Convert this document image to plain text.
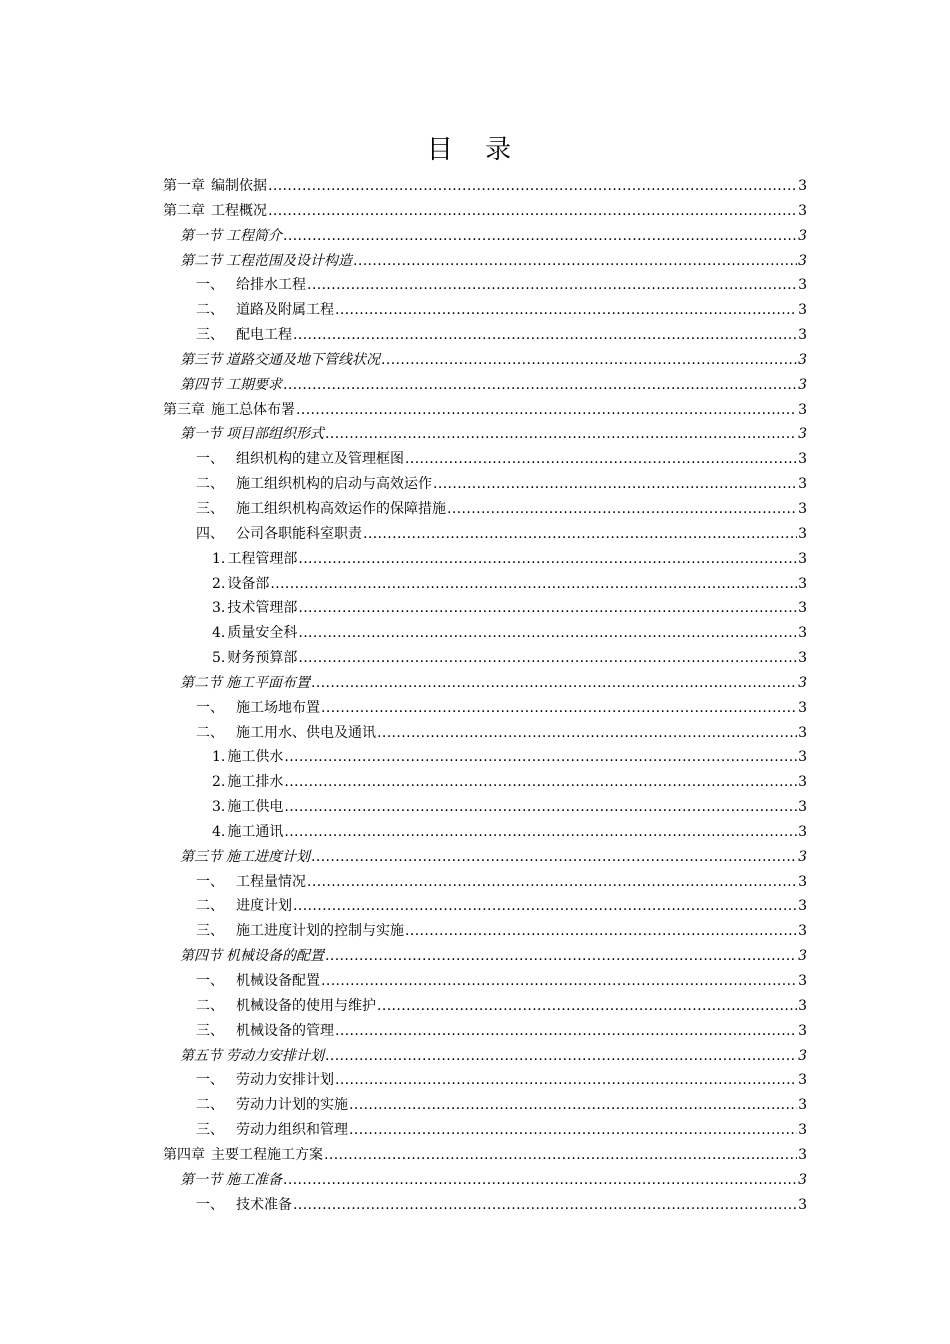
目 录
第一章 编制依据 .....	3
第二章 工程概况 .....	3
第一节 工程简介 .....	3
第二节 工程范围及设计构造 .....	3
一、 给排水工程 .....	3
二、 道路及附属工程 .....	3
三、 配电工程 .....	3
第三节 道路交通及地下管线状况 .....	3
第四节 工期要求 .....	3
第三章 施工总体布署 .....	3
第一节 项目部组织形式 .....	3
一、 组织机构的建立及管理框图 .....	3
二、 施工组织机构的启动与高效运作 .....	3
三、 施工组织机构高效运作的保障措施 .....	3
四、 公司各职能科室职责 .....	3
1. 工程管理部 .....	3
2. 设备部 .....	3
3. 技术管理部 .....	3
4. 质量安全科 .....	3
5. 财务预算部 .....	3
第二节 施工平面布置 .....	3
一、 施工场地布置 .....	3
二、 施工用水、供电及通讯 .....	3
1. 施工供水 .....	3
2. 施工排水 .....	3
3. 施工供电 .....	3
4. 施工通讯 .....	3
第三节 施工进度计划 .....	3
一、 工程量情况 .....	3
二、 进度计划 .....	3
三、 施工进度计划的控制与实施 .....	3
第四节 机械设备的配置 .....	3
一、 机械设备配置 .....	3
二、 机械设备的使用与维护 .....	3
三、 机械设备的管理 .....	3
第五节 劳动力安排计划 .....	3
一、 劳动力安排计划 .....	3
二、 劳动力计划的实施 .....	3
三、 劳动力组织和管理 .....	3
第四章 主要工程施工方案 .....	3
第一节 施工准备 .....	3
一、 技术准备 .....	3
